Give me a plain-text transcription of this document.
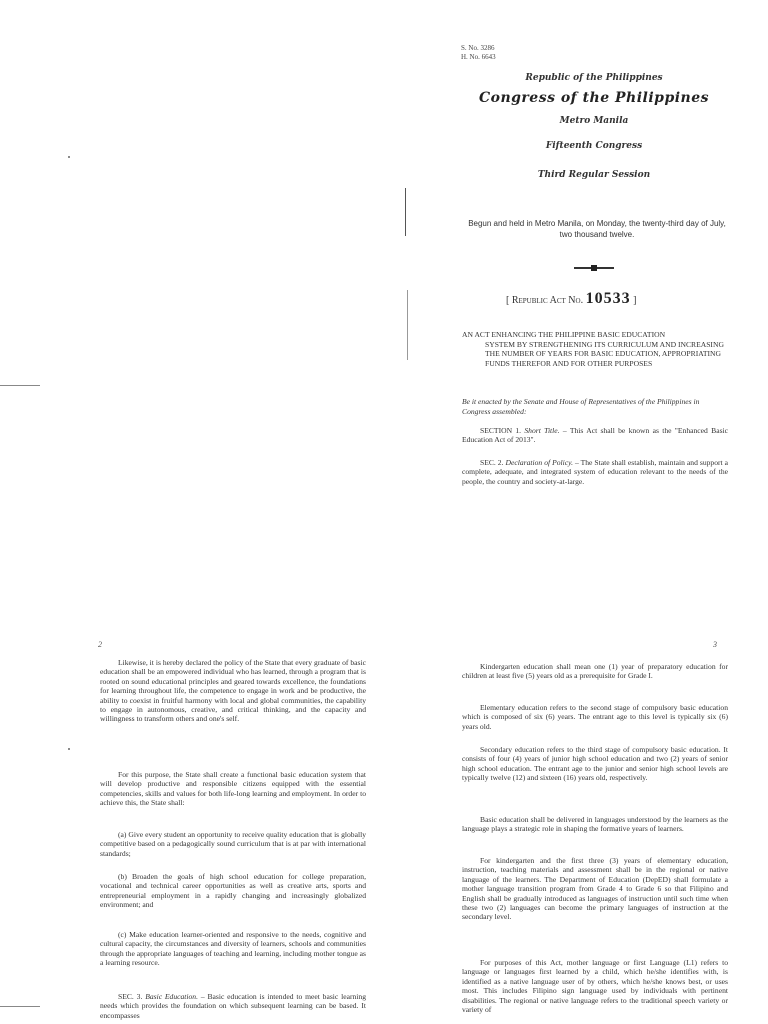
S. No. 3286
H. No. 6643
Republic of the Philippines
Congress of the Philippines
Metro Manila
Fifteenth Congress
Third Regular Session
Begun and held in Metro Manila, on Monday, the twenty-third day of July, two thousand twelve.
[ Republic Act No. 10533 ]
AN ACT ENHANCING THE PHILIPPINE BASIC EDUCATION
SYSTEM BY STRENGTHENING ITS CURRICULUM AND INCREASING THE NUMBER OF YEARS FOR BASIC EDUCATION, APPROPRIATING FUNDS THEREFOR AND FOR OTHER PURPOSES
Be it enacted by the Senate and House of Representatives of the Philippines in Congress assembled:

SECTION 1. Short Title. – This Act shall be known as the "Enhanced Basic Education Act of 2013".

SEC. 2. Declaration of Policy. – The State shall establish, maintain and support a complete, adequate, and integrated system of education relevant to the needs of the people, the country and society-at-large.

2

Likewise, it is hereby declared the policy of the State that every graduate of basic education shall be an empowered individual who has learned, through a program that is rooted on sound educational principles and geared towards excellence, the foundations for learning throughout life, the competence to engage in work and be productive, the ability to coexist in fruitful harmony with local and global communities, the capability to engage in autonomous, creative, and critical thinking, and the capacity and willingness to transform others and one's self.

For this purpose, the State shall create a functional basic education system that will develop productive and responsible citizens equipped with the essential competencies, skills and values for both life-long learning and employment. In order to achieve this, the State shall:

(a) Give every student an opportunity to receive quality education that is globally competitive based on a pedagogically sound curriculum that is at par with international standards;

(b) Broaden the goals of high school education for college preparation, vocational and technical career opportunities as well as creative arts, sports and entrepreneurial employment in a rapidly changing and increasingly globalized environment; and

(c) Make education learner-oriented and responsive to the needs, cognitive and cultural capacity, the circumstances and diversity of learners, schools and communities through the appropriate languages of teaching and learning, including mother tongue as a learning resource.

SEC. 3. Basic Education. – Basic education is intended to meet basic learning needs which provides the foundation on which subsequent learning can be based. It encompasses

3

Kindergarten education shall mean one (1) year of preparatory education for children at least five (5) years old as a prerequisite for Grade I.

Elementary education refers to the second stage of compulsory basic education which is composed of six (6) years. The entrant age to this level is typically six (6) years old.

Secondary education refers to the third stage of compulsory basic education. It consists of four (4) years of junior high school education and two (2) years of senior high school education. The entrant age to the junior and senior high school levels are typically twelve (12) and sixteen (16) years old, respectively.

Basic education shall be delivered in languages understood by the learners as the language plays a strategic role in shaping the formative years of learners.

For kindergarten and the first three (3) years of elementary education, instruction, teaching materials and assessment shall be in the regional or native language of the learners. The Department of Education (DepED) shall formulate a mother language transition program from Grade 4 to Grade 6 so that Filipino and English shall be gradually introduced as languages of instruction until such time when these two (2) languages can become the primary languages of instruction at the secondary level.

For purposes of this Act, mother language or first Language (L1) refers to language or languages first learned by a child, which he/she identifies with, is identified as a native language user of by others, which he/she knows best, or uses most. This includes Filipino sign language used by individuals with pertinent disabilities. The regional or native language refers to the traditional speech variety or variety of
